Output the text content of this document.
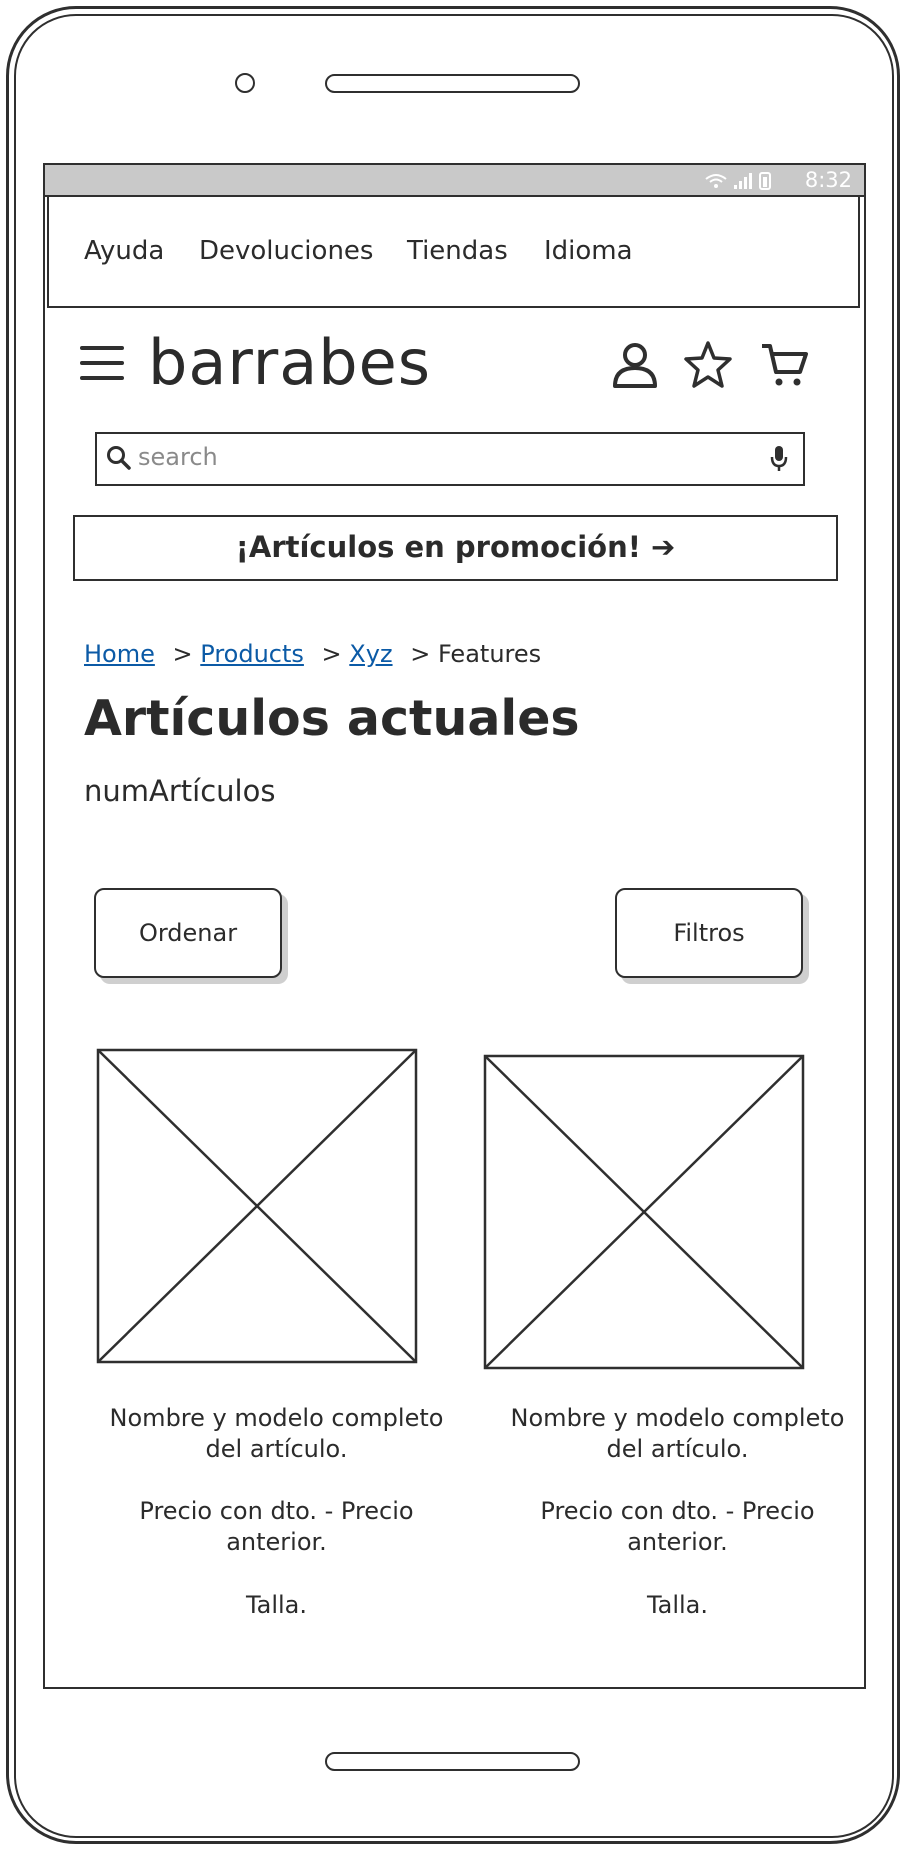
8:32
Ayuda Devoluciones Tiendas Idioma
barrabes
search
¡Artículos en promoción! ➔
Home > Products > Xyz > Features
Artículos actuales
numArtículos
Ordenar	Filtros
Nombre y modelo completo del artículo.
Precio con dto. - Precio anterior.
Talla.
Nombre y modelo completo del artículo.
Precio con dto. - Precio anterior.
Talla.
